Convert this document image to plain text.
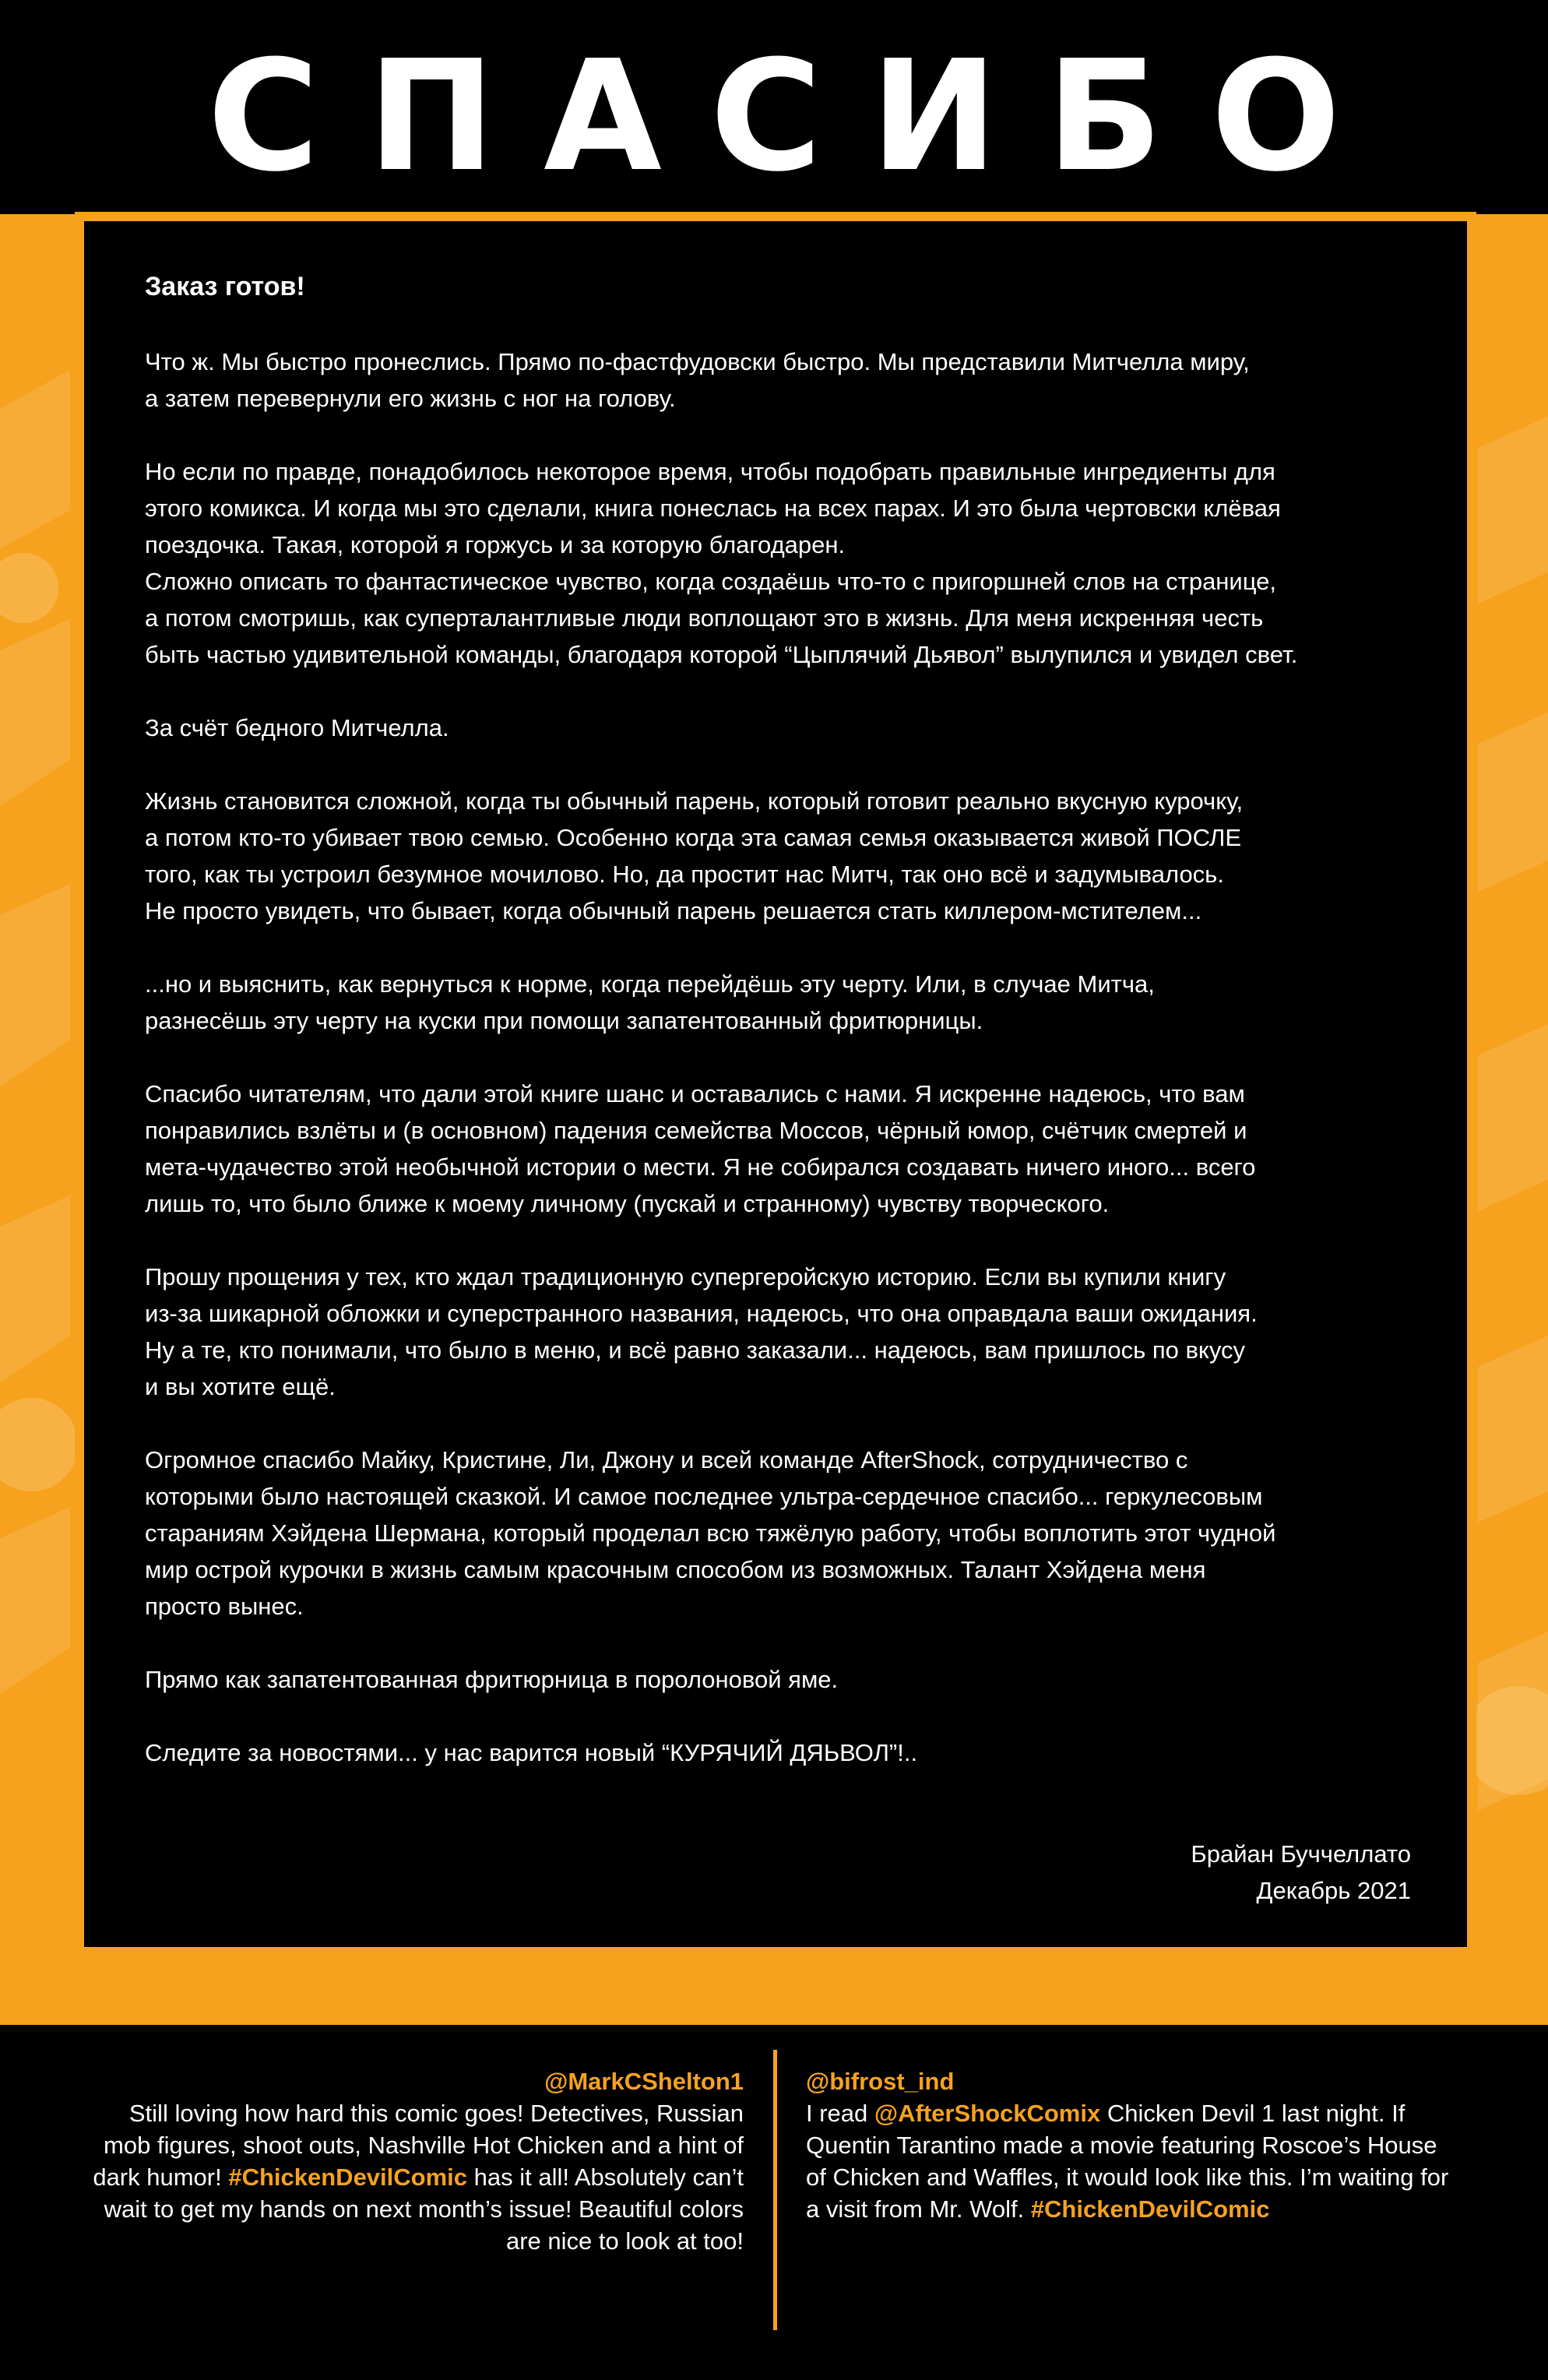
СПАСИБО
Заказ готов!

Что ж. Мы быстро пронеслись. Прямо по-фастфудовски быстро. Мы представили Митчелла миру,
а затем перевернули его жизнь с ног на голову.

Но если по правде, понадобилось некоторое время, чтобы подобрать правильные ингредиенты для
этого комикса. И когда мы это сделали, книга понеслась на всех парах. И это была чертовски клёвая
поездочка. Такая, которой я горжусь и за которую благодарен.

Сложно описать то фантастическое чувство, когда создаёшь что-то с пригоршней слов на странице,
а потом смотришь, как суперталантливые люди воплощают это в жизнь. Для меня искренняя честь
быть частью удивительной команды, благодаря которой “Цыплячий Дьявол” вылупился и увидел свет.

За счёт бедного Митчелла.

Жизнь становится сложной, когда ты обычный парень, который готовит реально вкусную курочку,
а потом кто-то убивает твою семью. Особенно когда эта самая семья оказывается живой ПОСЛЕ
того, как ты устроил безумное мочилово. Но, да простит нас Митч, так оно всё и задумывалось.
Не просто увидеть, что бывает, когда обычный парень решается стать киллером-мстителем...

...но и выяснить, как вернуться к норме, когда перейдёшь эту черту. Или, в случае Митча,
разнесёшь эту черту на куски при помощи запатентованный фритюрницы.

Спасибо читателям, что дали этой книге шанс и оставались с нами. Я искренне надеюсь, что вам
понравились взлёты и (в основном) падения семейства Моссов, чёрный юмор, счётчик смертей и
мета-чудачество этой необычной истории о мести. Я не собирался создавать ничего иного... всего
лишь то, что было ближе к моему личному (пускай и странному) чувству творческого.

Прошу прощения у тех, кто ждал традиционную супергеройскую историю. Если вы купили книгу
из-за шикарной обложки и суперстранного названия, надеюсь, что она оправдала ваши ожидания.
Ну а те, кто понимали, что было в меню, и всё равно заказали... надеюсь, вам пришлось по вкусу
и вы хотите ещё.

Огромное спасибо Майку, Кристине, Ли, Джону и всей команде AfterShock, сотрудничество с
которыми было настоящей сказкой. И самое последнее ультра-сердечное спасибо... геркулесовым
стараниям Хэйдена Шермана, который проделал всю тяжёлую работу, чтобы воплотить этот чудной
мир острой курочки в жизнь самым красочным способом из возможных. Талант Хэйдена меня
просто вынес.

Прямо как запатентованная фритюрница в поролоновой яме.

Следите за новостями... у нас варится новый “КУРЯЧИЙ ДЯЬВОЛ”!..

Брайан Буччеллато
Декабрь 2021
@MarkCShelton1
Still loving how hard this comic goes! Detectives, Russian mob figures, shoot outs, Nashville Hot Chicken and a hint of dark humor! #ChickenDevilComic has it all! Absolutely can’t wait to get my hands on next month’s issue! Beautiful colors are nice to look at too!
@bifrost_ind
I read @AfterShockComix Chicken Devil 1 last night. If Quentin Tarantino made a movie featuring Roscoe’s House of Chicken and Waffles, it would look like this. I’m waiting for a visit from Mr. Wolf. #ChickenDevilComic
